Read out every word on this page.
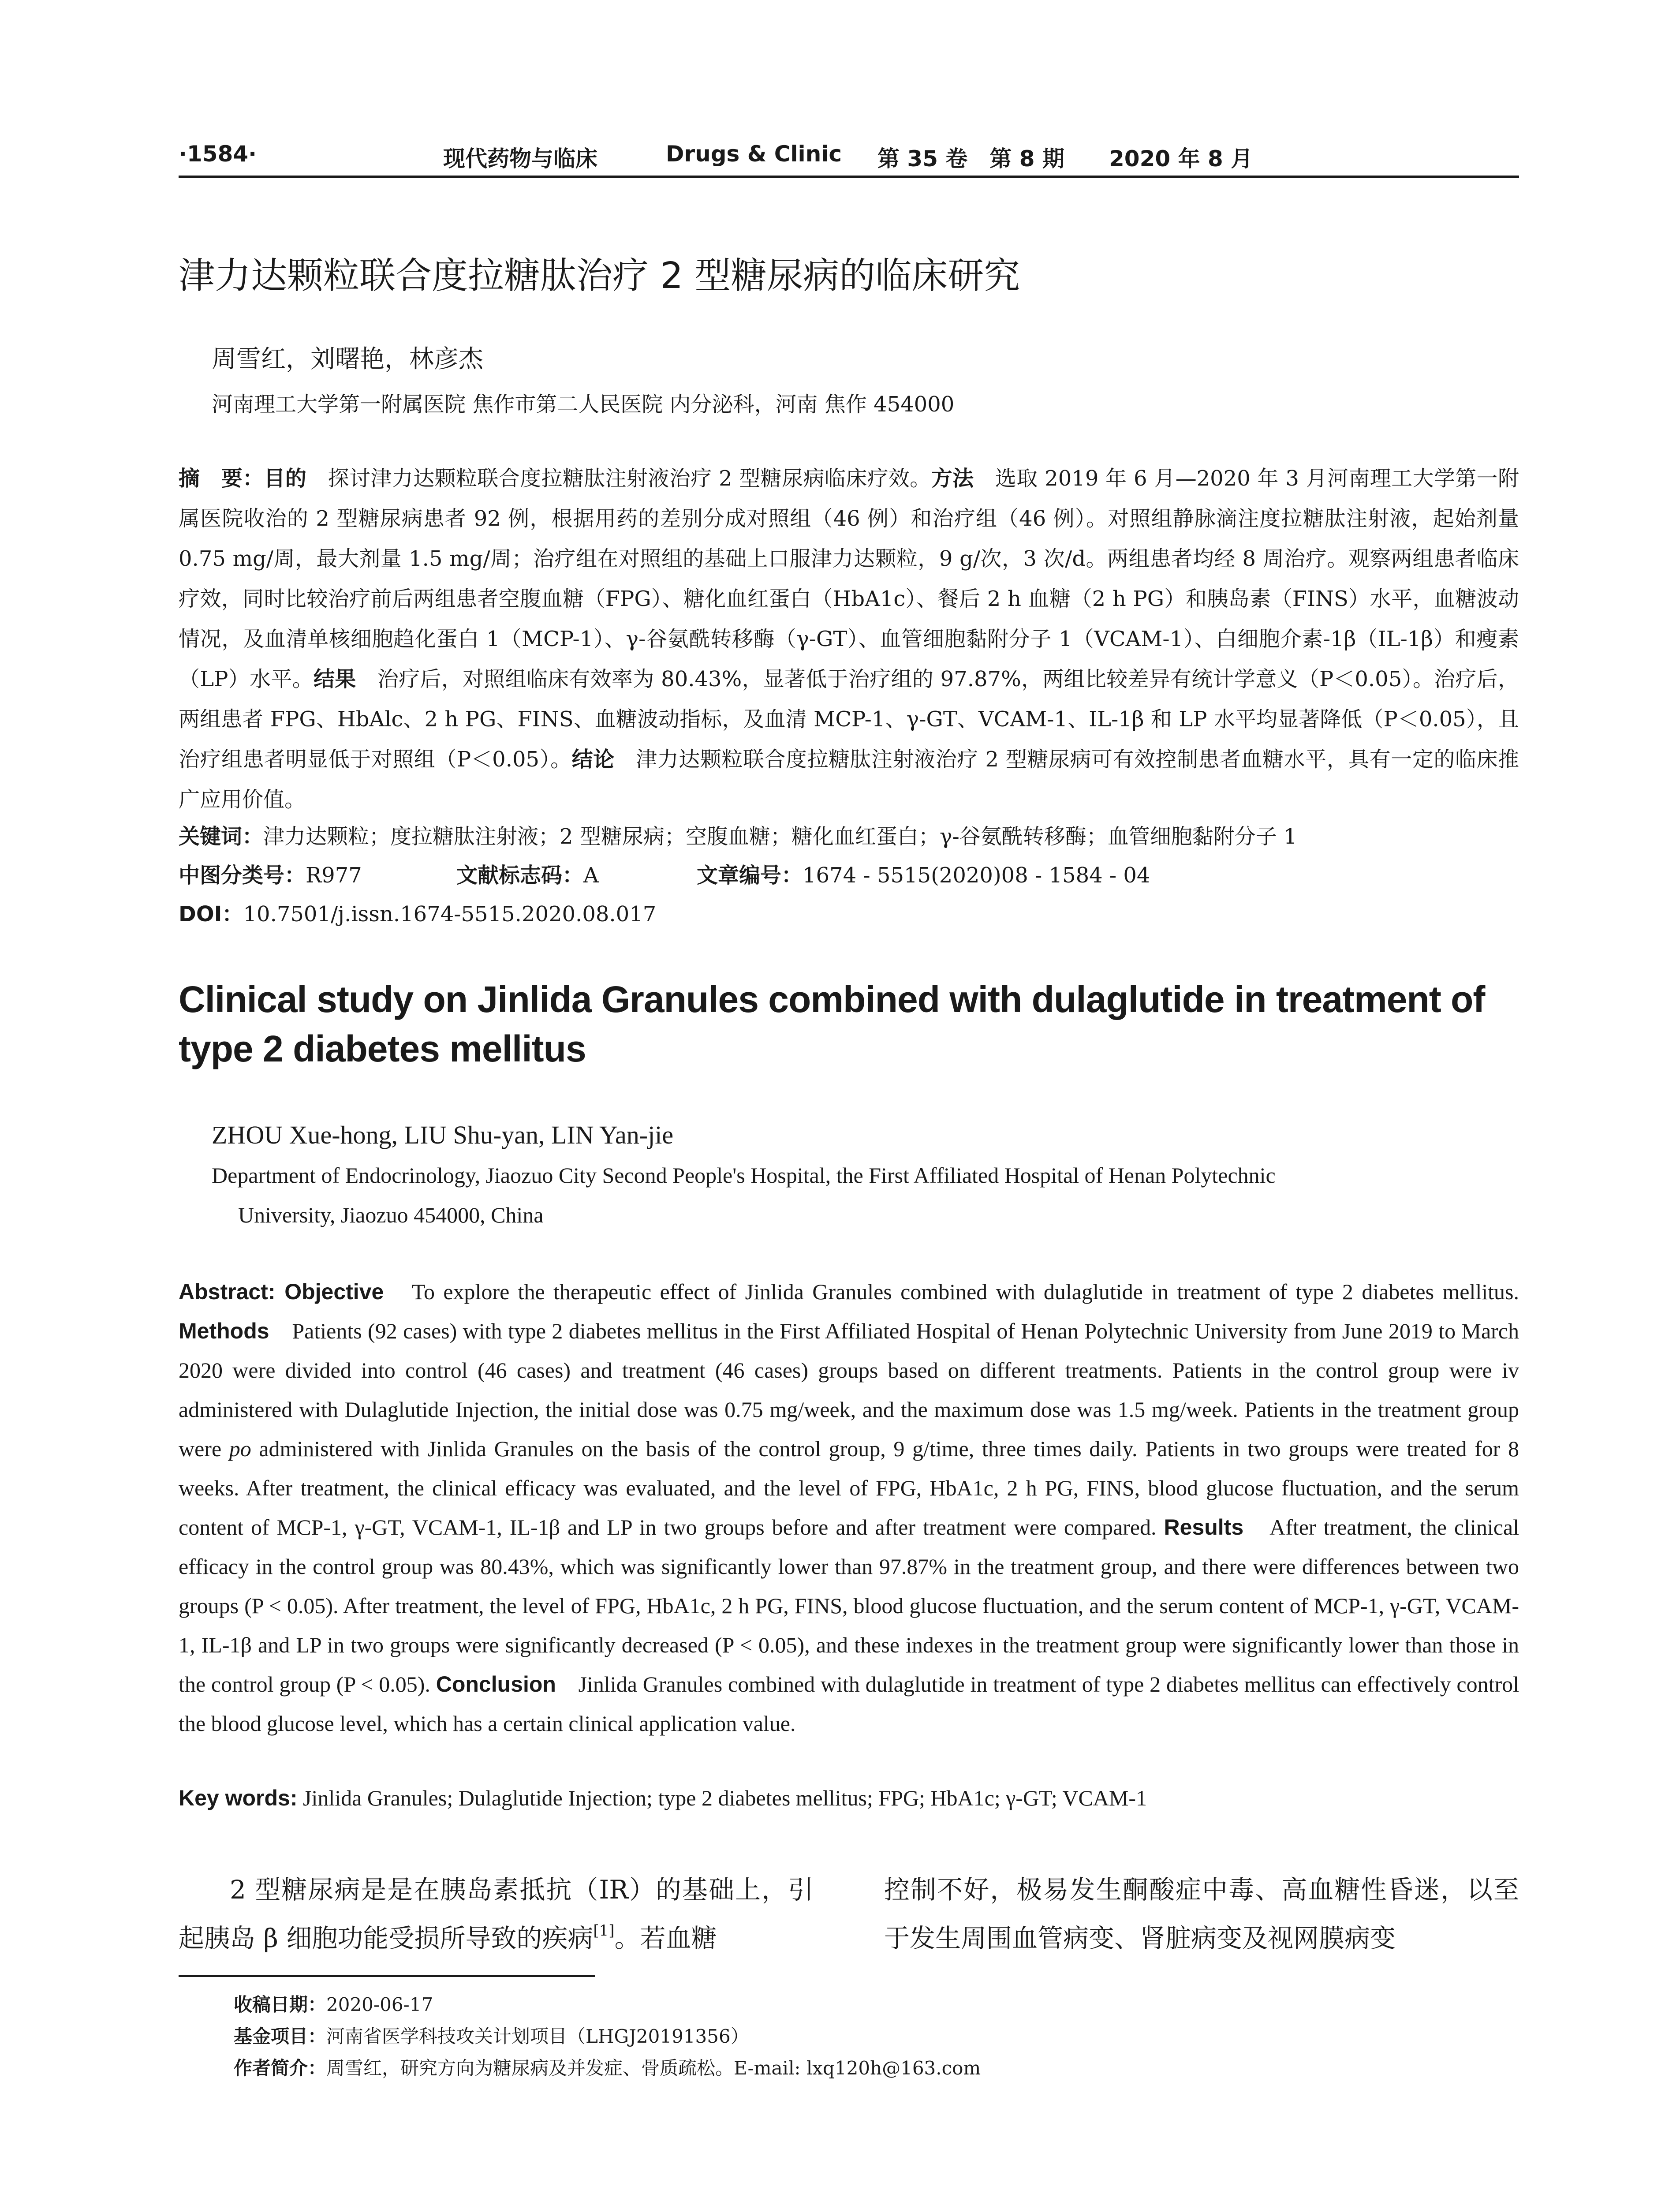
·1584·	现代药物与临床	Drugs & Clinic 第 35 卷　第 8 期 2020 年 8 月
津力达颗粒联合度拉糖肽治疗 2 型糖尿病的临床研究
周雪红，刘曙艳，林彦杰
河南理工大学第一附属医院 焦作市第二人民医院 内分泌科，河南 焦作 454000
摘　要：目的　探讨津力达颗粒联合度拉糖肽注射液治疗 2 型糖尿病临床疗效。方法　选取 2019 年 6 月—2020 年 3 月河南理工大学第一附属医院收治的 2 型糖尿病患者 92 例，根据用药的差别分成对照组（46 例）和治疗组（46 例）。对照组静脉滴注度拉糖肽注射液，起始剂量 0.75 mg/周，最大剂量 1.5 mg/周；治疗组在对照组的基础上口服津力达颗粒，9 g/次，3 次/d。两组患者均经 8 周治疗。观察两组患者临床疗效，同时比较治疗前后两组患者空腹血糖（FPG）、糖化血红蛋白（HbA1c）、餐后 2 h 血糖（2 h PG）和胰岛素（FINS）水平，血糖波动情况，及血清单核细胞趋化蛋白 1（MCP-1）、γ-谷氨酰转移酶（γ-GT）、血管细胞黏附分子 1（VCAM-1）、白细胞介素-1β（IL-1β）和瘦素（LP）水平。结果　治疗后，对照组临床有效率为 80.43%，显著低于治疗组的 97.87%，两组比较差异有统计学意义（P＜0.05）。治疗后，两组患者 FPG、HbAlc、2 h PG、FINS、血糖波动指标，及血清 MCP-1、γ-GT、VCAM-1、IL-1β 和 LP 水平均显著降低（P＜0.05），且治疗组患者明显低于对照组（P＜0.05）。结论　津力达颗粒联合度拉糖肽注射液治疗 2 型糖尿病可有效控制患者血糖水平，具有一定的临床推广应用价值。
关键词：津力达颗粒；度拉糖肽注射液；2 型糖尿病；空腹血糖；糖化血红蛋白；γ-谷氨酰转移酶；血管细胞黏附分子 1
中图分类号：R977	文献标志码：A	文章编号：1674 - 5515(2020)08 - 1584 - 04
DOI：10.7501/j.issn.1674-5515.2020.08.017
Clinical study on Jinlida Granules combined with dulaglutide in treatment of type 2 diabetes mellitus
ZHOU Xue-hong, LIU Shu-yan, LIN Yan-jie
Department of Endocrinology, Jiaozuo City Second People's Hospital, the First Affiliated Hospital of Henan Polytechnic
University, Jiaozuo 454000, China
Abstract: Objective　To explore the therapeutic effect of Jinlida Granules combined with dulaglutide in treatment of type 2 diabetes mellitus. Methods　Patients (92 cases) with type 2 diabetes mellitus in the First Affiliated Hospital of Henan Polytechnic University from June 2019 to March 2020 were divided into control (46 cases) and treatment (46 cases) groups based on different treatments. Patients in the control group were iv administered with Dulaglutide Injection, the initial dose was 0.75 mg/week, and the maximum dose was 1.5 mg/week. Patients in the treatment group were po administered with Jinlida Granules on the basis of the control group, 9 g/time, three times daily. Patients in two groups were treated for 8 weeks. After treatment, the clinical efficacy was evaluated, and the level of FPG, HbA1c, 2 h PG, FINS, blood glucose fluctuation, and the serum content of MCP-1, γ-GT, VCAM-1, IL-1β and LP in two groups before and after treatment were compared. Results　After treatment, the clinical efficacy in the control group was 80.43%, which was significantly lower than 97.87% in the treatment group, and there were differences between two groups (P < 0.05). After treatment, the level of FPG, HbA1c, 2 h PG, FINS, blood glucose fluctuation, and the serum content of MCP-1, γ-GT, VCAM-1, IL-1β and LP in two groups were significantly decreased (P < 0.05), and these indexes in the treatment group were significantly lower than those in the control group (P < 0.05). Conclusion　Jinlida Granules combined with dulaglutide in treatment of type 2 diabetes mellitus can effectively control the blood glucose level, which has a certain clinical application value.
Key words: Jinlida Granules; Dulaglutide Injection; type 2 diabetes mellitus; FPG; HbA1c; γ-GT; VCAM-1
2 型糖尿病是是在胰岛素抵抗（IR）的基础上，引起胰岛 β 细胞功能受损所导致的疾病[1]。若血糖
控制不好，极易发生酮酸症中毒、高血糖性昏迷，以至于发生周围血管病变、肾脏病变及视网膜病变
收稿日期：2020-06-17
基金项目：河南省医学科技攻关计划项目（LHGJ20191356）
作者简介：周雪红，研究方向为糖尿病及并发症、骨质疏松。E-mail: lxq120h@163.com
